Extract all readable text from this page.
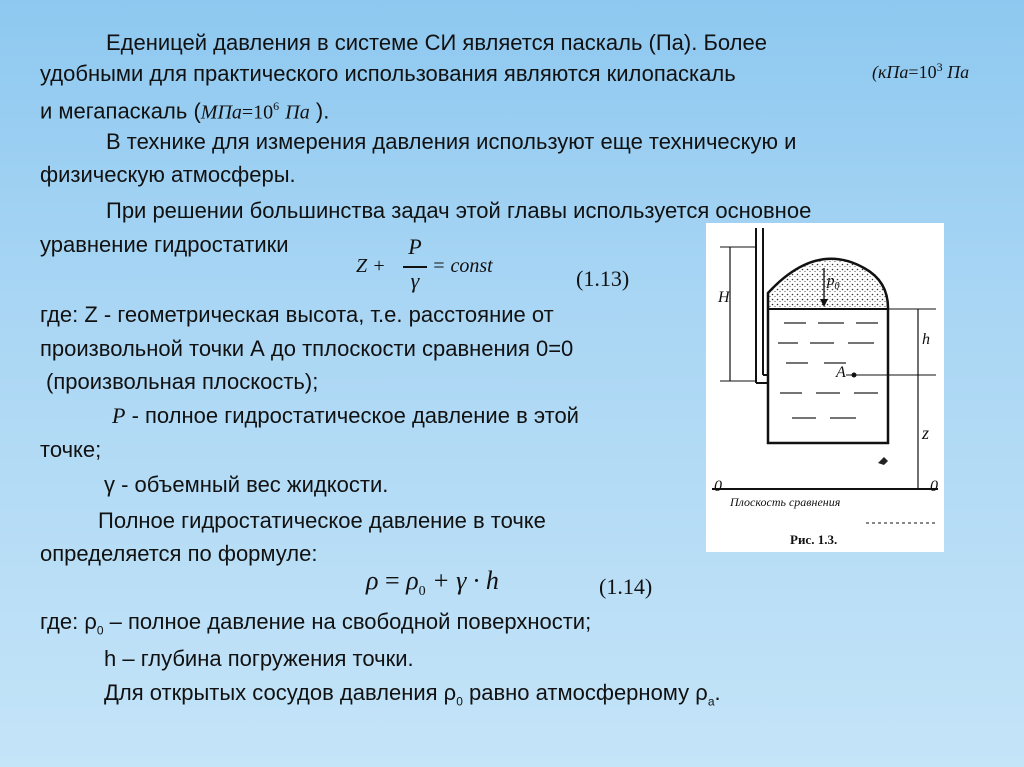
Еденицей давления в системе СИ является паскаль (Па). Более
удобными для практического использования являются килопаскаль	($кПа=10^3$ Па
и мегапаскаль ($МПа=10^6$ Па ).
В технике для измерения давления используют еще техническую и
физическую атмосферы.
При решении большинства задач этой главы используется основное
уравнение гидростатики
Z +
P
γ
= const	(1.13)
где: Z - геометрическая высота, т.е. расстояние от
произвольной точки А до тплоскости сравнения 0=0
(произвольная плоскость);
P - полное гидростатическое давление в этой
точке;
γ - объемный вес жидкости.
Полное гидростатическое давление в точке
определяется по формуле:
$\rho = \rho_0 + \gamma \cdot h$	(1.14)
где: $\rho_0$ – полное давление на свободной поверхности;
h – глубина погружения точки.
Для открытых сосудов давления $\rho_0$ равно атмосферному $\rho_а$.
H
$p_0$
h
A
z
0	0
Плоскость сравнения
Рис. 1.3.
